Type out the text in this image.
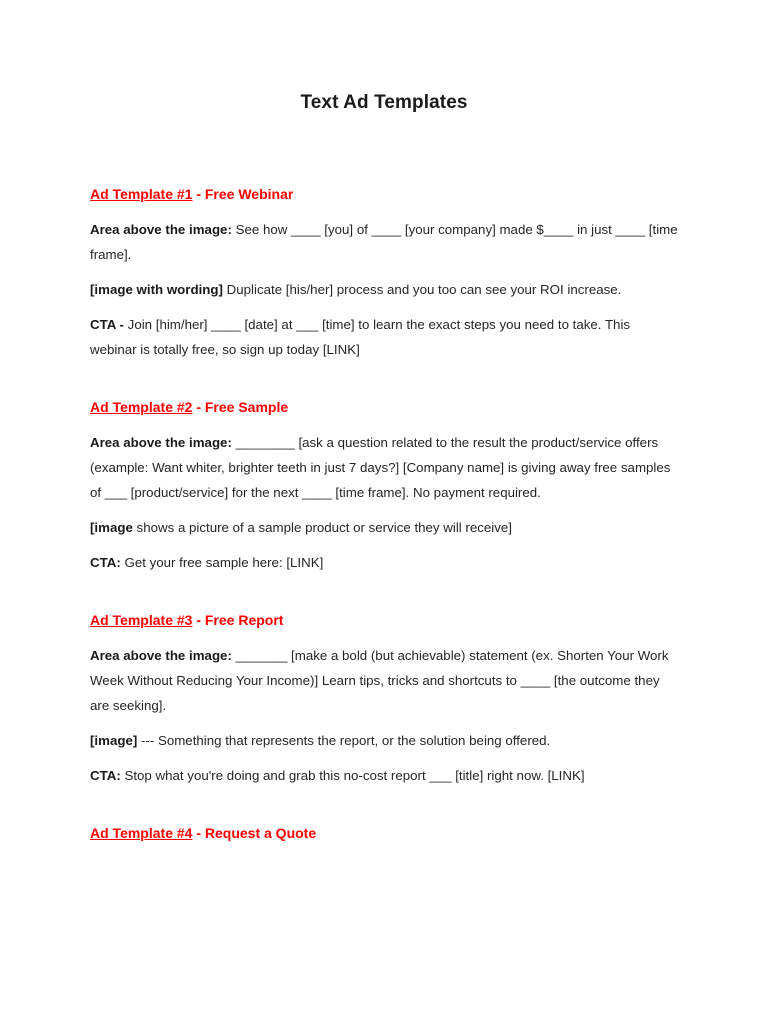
Text Ad Templates
Ad Template #1 - Free Webinar

Area above the image: See how ____ [you] of ____ [your company] made $____ in just ____ [time frame].

[image with wording] Duplicate [his/her] process and you too can see your ROI increase.

CTA - Join [him/her] ____ [date] at ___ [time] to learn the exact steps you need to take. This webinar is totally free, so sign up today [LINK]

Ad Template #2 - Free Sample

Area above the image: ________ [ask a question related to the result the product/service offers (example: Want whiter, brighter teeth in just 7 days?] [Company name] is giving away free samples of ___ [product/service] for the next ____ [time frame]. No payment required.

[image shows a picture of a sample product or service they will receive]

CTA: Get your free sample here: [LINK]

Ad Template #3 - Free Report

Area above the image: _______ [make a bold (but achievable) statement (ex. Shorten Your Work Week Without Reducing Your Income)] Learn tips, tricks and shortcuts to ____ [the outcome they are seeking].

[image] --- Something that represents the report, or the solution being offered.

CTA: Stop what you're doing and grab this no-cost report ___ [title] right now. [LINK]

Ad Template #4 - Request a Quote
